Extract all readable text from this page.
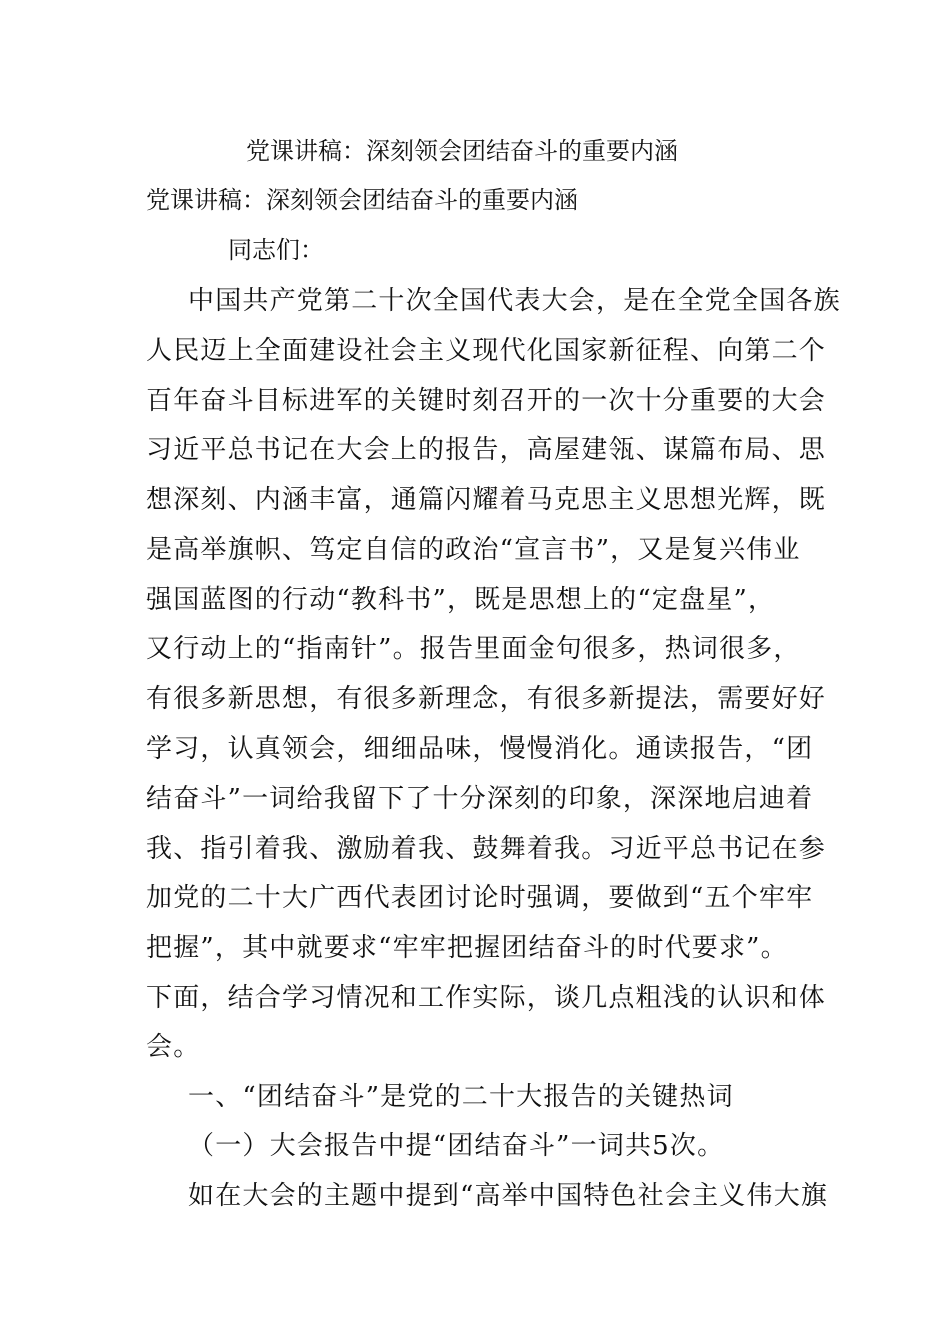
党课讲稿：深刻领会团结奋斗的重要内涵
党课讲稿：深刻领会团结奋斗的重要内涵
同志们：
中国共产党第二十次全国代表大会，是在全党全国各族
人民迈上全面建设社会主义现代化国家新征程、向第二个
百年奋斗目标进军的关键时刻召开的一次十分重要的大会
习近平总书记在大会上的报告，高屋建瓴、谋篇布局、思
想深刻、内涵丰富，通篇闪耀着马克思主义思想光辉，既
是高举旗帜、笃定自信的政治“宣言书”，又是复兴伟业
强国蓝图的行动“教科书”，既是思想上的“定盘星”，
又行动上的“指南针”。报告里面金句很多，热词很多，
有很多新思想，有很多新理念，有很多新提法，需要好好
学习，认真领会，细细品味，慢慢消化。通读报告，“团
结奋斗”一词给我留下了十分深刻的印象，深深地启迪着
我、指引着我、激励着我、鼓舞着我。习近平总书记在参
加党的二十大广西代表团讨论时强调，要做到“五个牢牢
把握”，其中就要求“牢牢把握团结奋斗的时代要求”。
下面，结合学习情况和工作实际，谈几点粗浅的认识和体
会。
一、“团结奋斗”是党的二十大报告的关键热词
（一）大会报告中提“团结奋斗”一词共5次。
如在大会的主题中提到“高举中国特色社会主义伟大旗
